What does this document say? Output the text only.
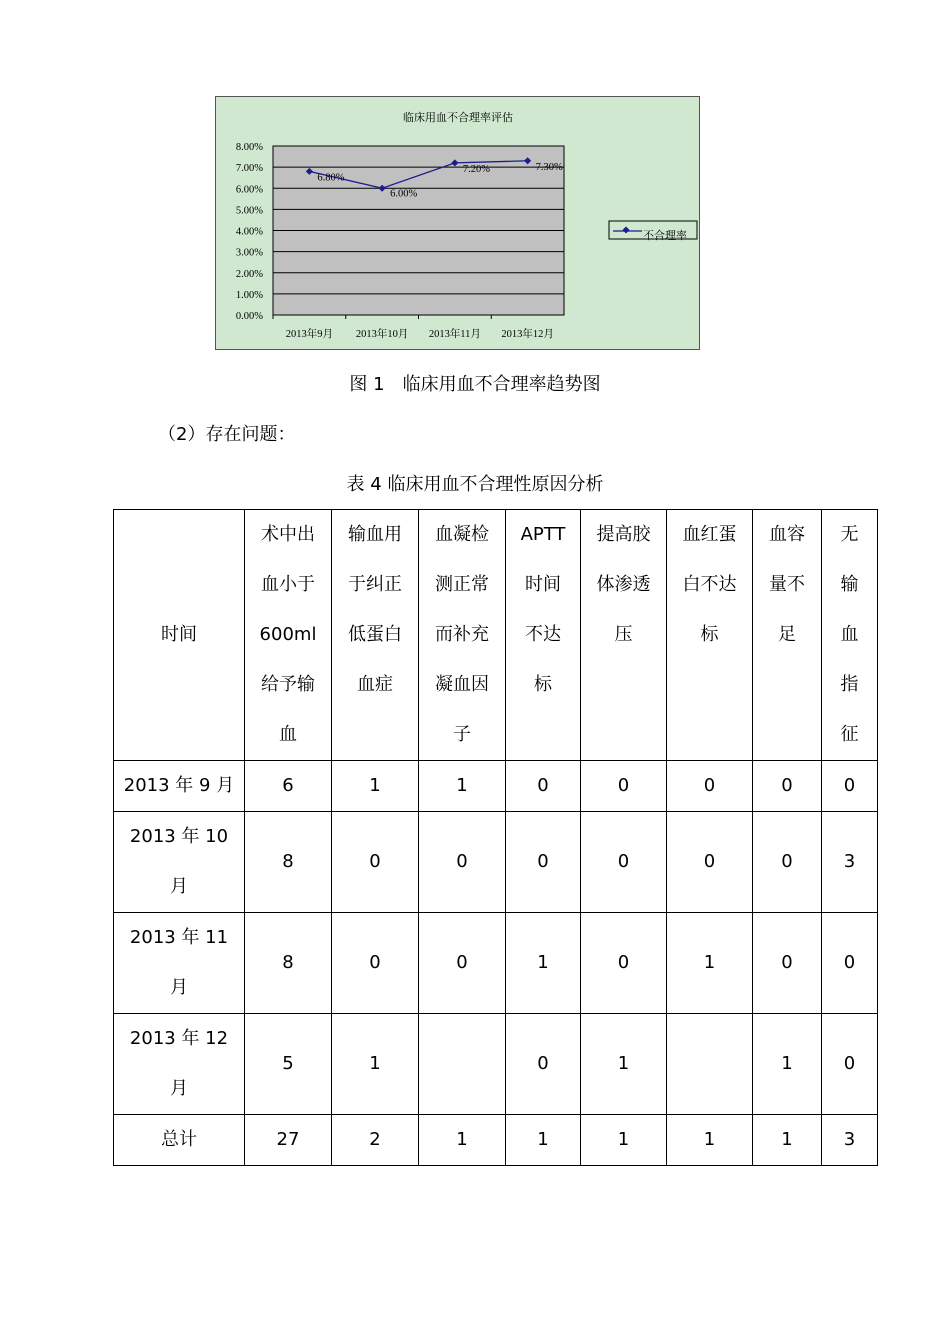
临床用血不合理率评估
8.00%
7.00%
6.00%
5.00%
4.00%
3.00%
2.00%
1.00%
0.00%
2013年9月 2013年10月 2013年11月 2013年12月
6.80%
6.00%
7.20%	7.30%
不合理率
图 1　临床用血不合理率趋势图
（2）存在问题：
表 4 临床用血不合理性原因分析
时间	术中出
血小于
600ml
给予输
血	输血用
于纠正
低蛋白
血症	血凝检
测正常
而补充
凝血因
子	APTT
时间
不达
标	提高胶
体渗透
压	血红蛋
白不达
标	血容
量不
足	无
输
血
指
征

2013 年 9 月	6	1	1	0	0	0	0	0

2013 年 10
月	8	0	0	0	0	0	0	3

2013 年 11
月	8	0	0	1	0	1	0	0

2013 年 12
月	5	1		0	1		1	0

总计	27	2	1	1	1	1	1	3
